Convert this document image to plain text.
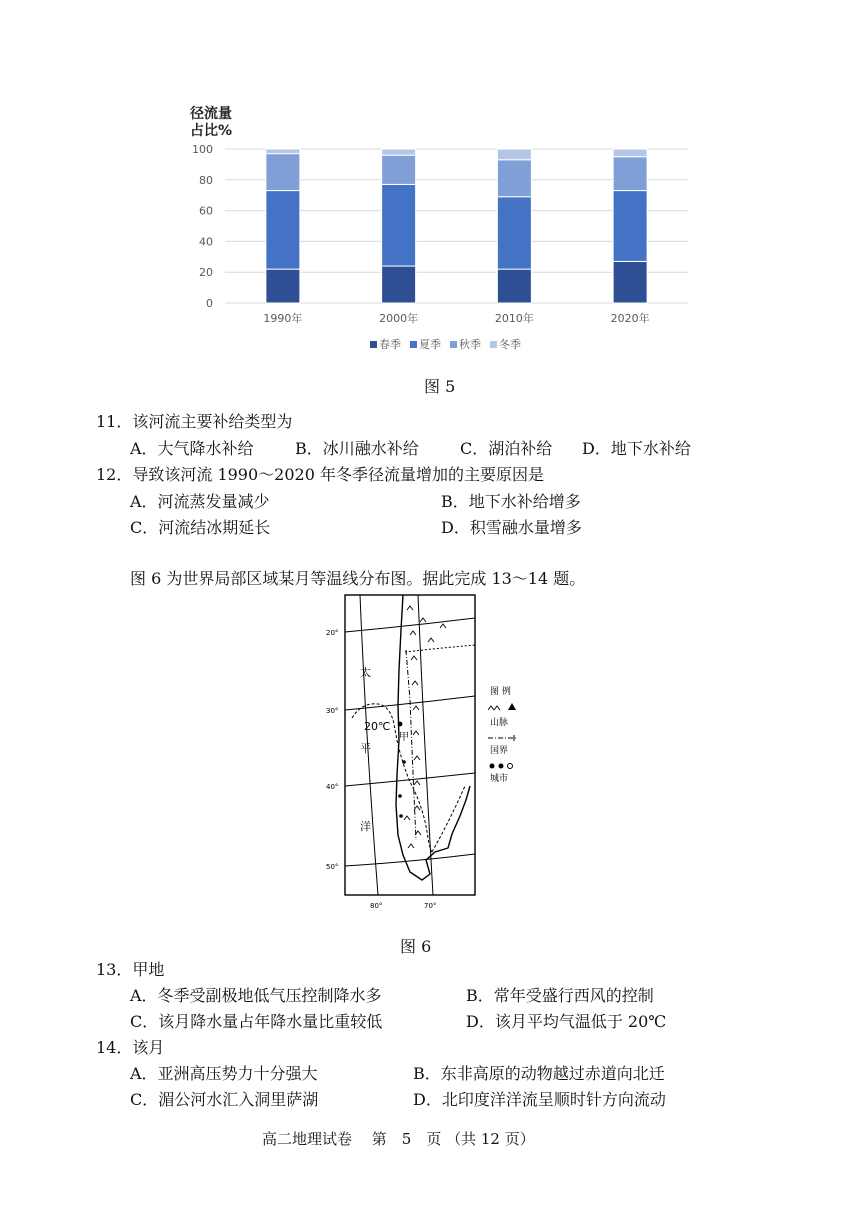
径流量
占比%
0
20
40
60
80
100
1990年	2000年	2010年	2020年
春季 夏季 秋季 冬季
图 5
11．该河流主要补给类型为
A．大气降水补给	B．冰川融水补给	C．湖泊补给 D．地下水补给
12．导致该河流 1990～2020 年冬季径流量增加的主要原因是
A．河流蒸发量减少	B．地下水补给增多
C．河流结冰期延长	D．积雪融水量增多
图 6 为世界局部区域某月等温线分布图。据此完成 13～14 题。
20°
30°
40°
50°
80°	70°
太
平
洋
20℃
甲
图 例
山脉
国界
城市
图 6
13．甲地
A．冬季受副极地低气压控制降水多	B．常年受盛行西风的控制
C．该月降水量占年降水量比重较低	D．该月平均气温低于 20℃
14．该月
A．亚洲高压势力十分强大	B．东非高原的动物越过赤道向北迁
C．湄公河水汇入洞里萨湖	D．北印度洋洋流呈顺时针方向流动
高二地理试卷　 第　5　页 （共 12 页）
